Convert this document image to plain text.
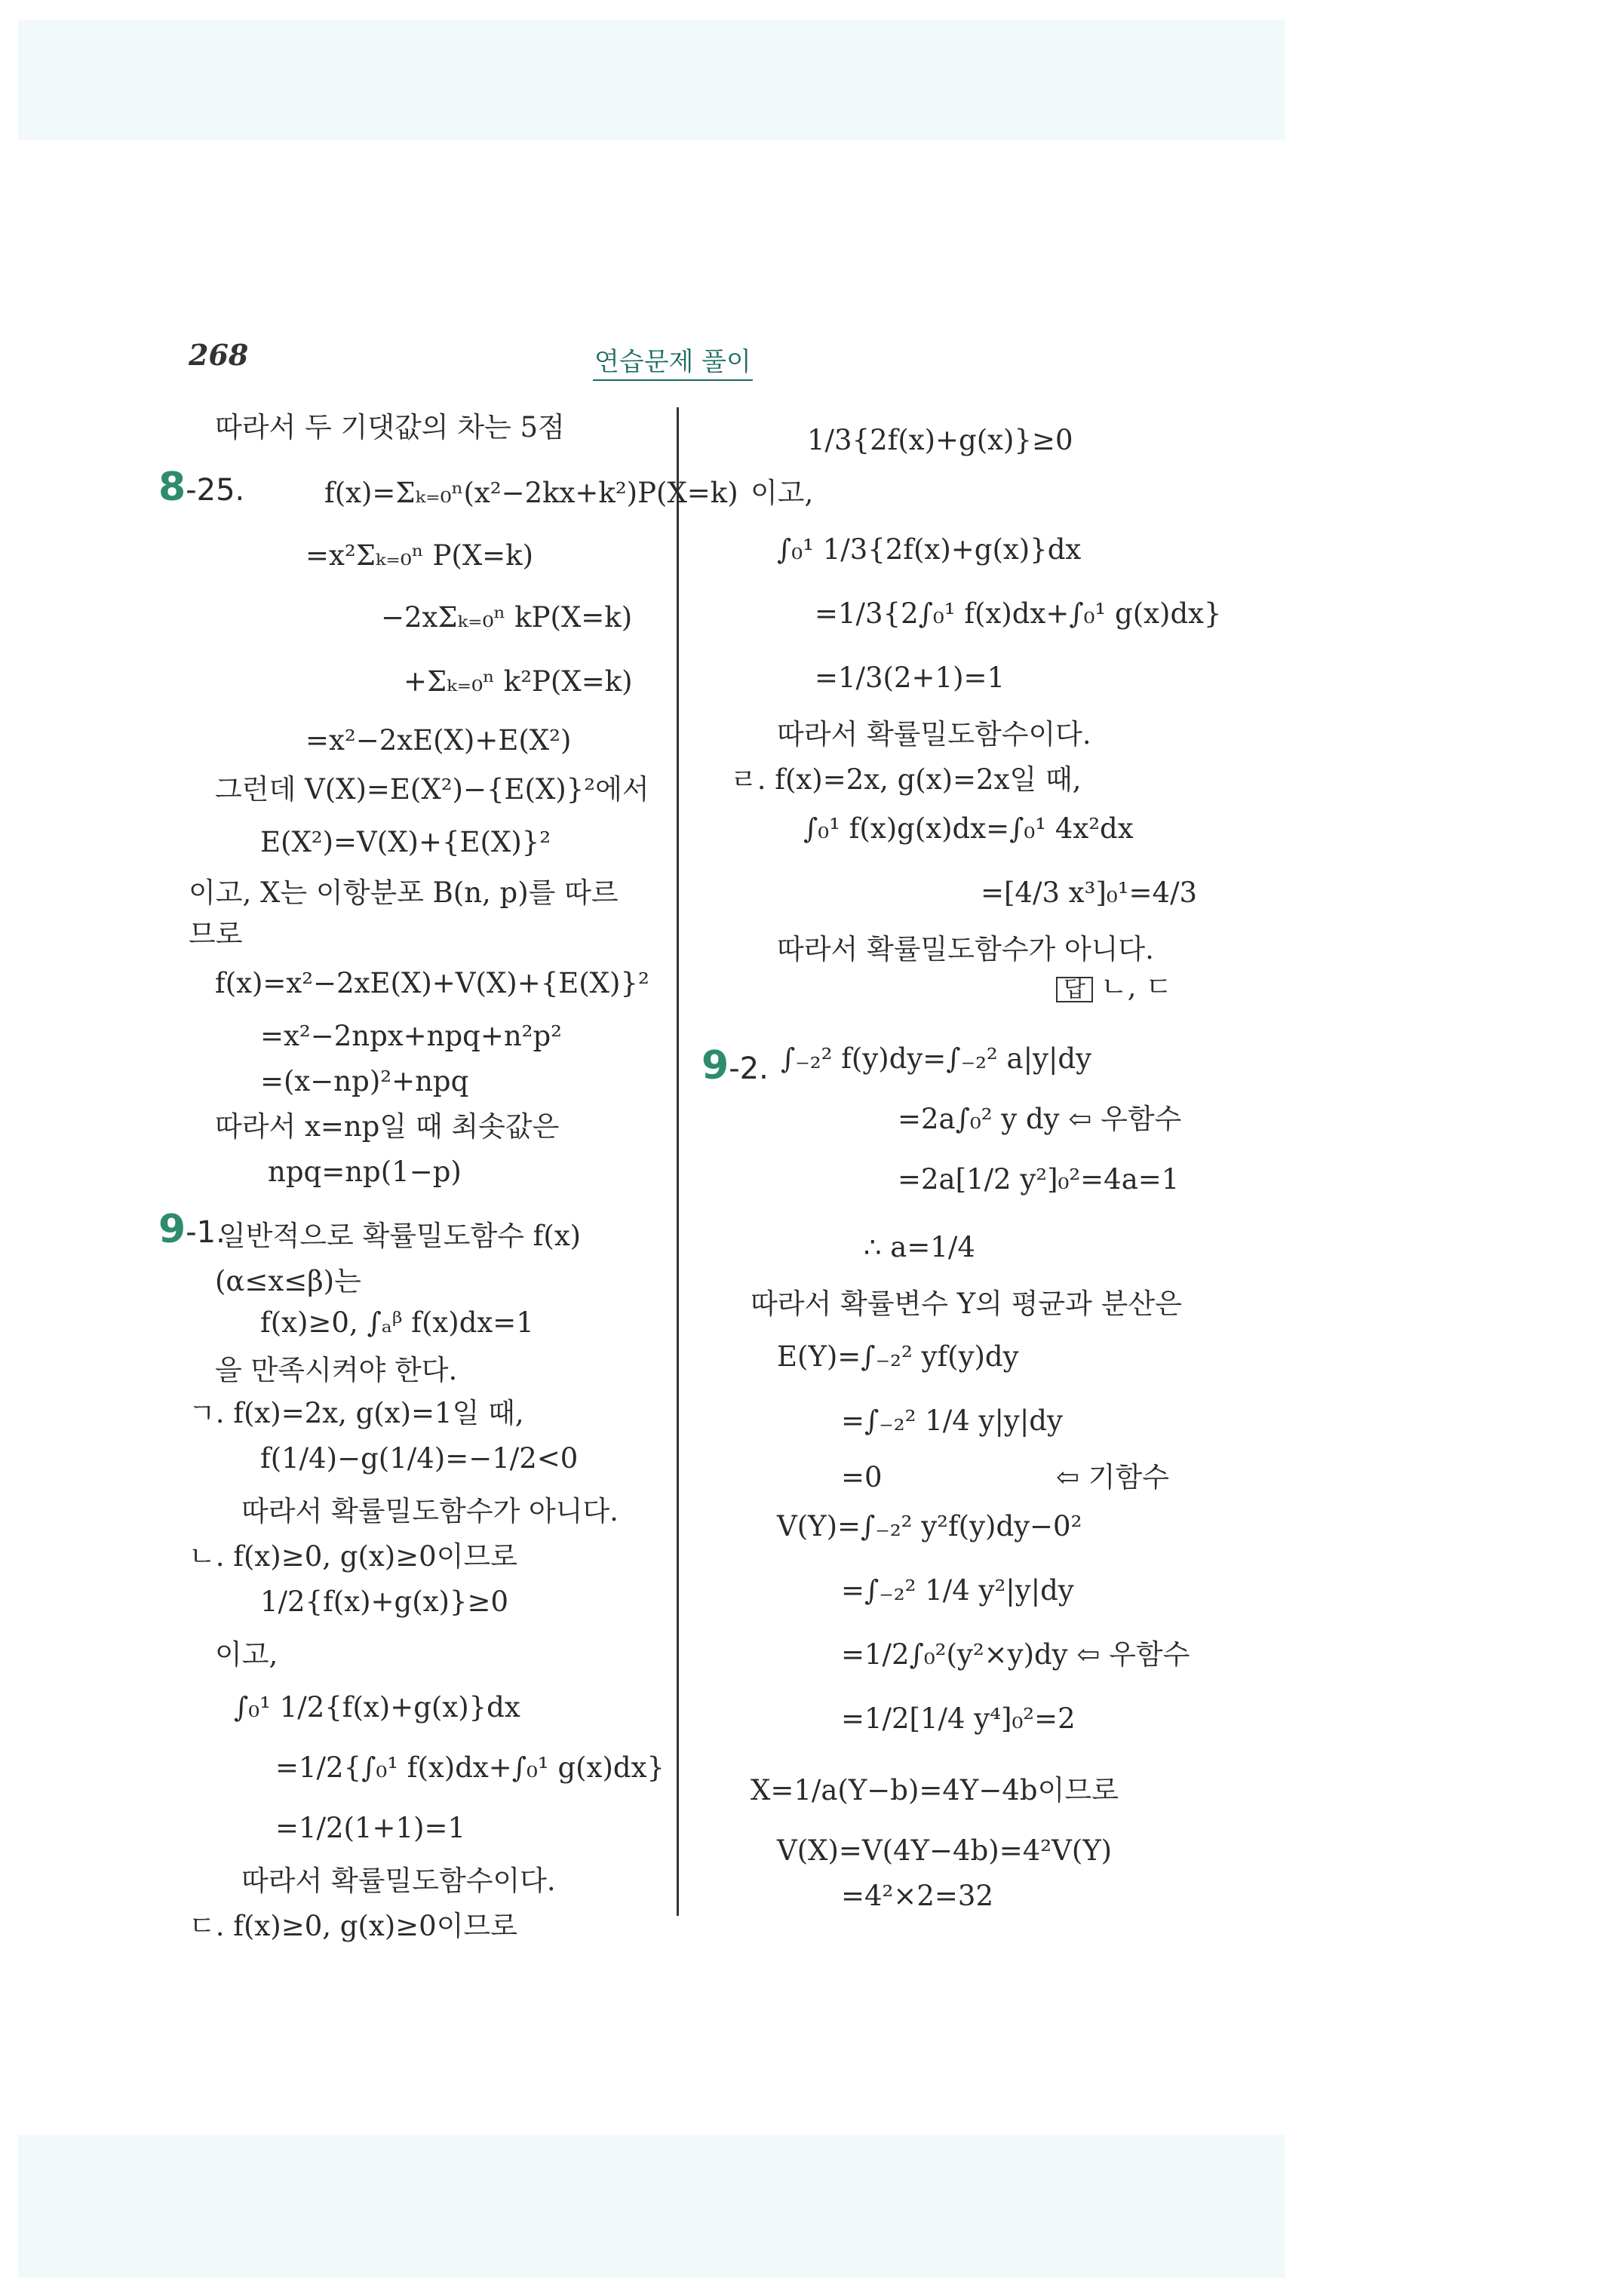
268	연습문제 풀이
따라서 두 기댓값의 차는 5점
f(x)=Σₖ₌₀ⁿ(x²−2kx+k²)P(X=k)
=x²Σₖ₌₀ⁿ P(X=k)
−2xΣₖ₌₀ⁿ kP(X=k)
+Σₖ₌₀ⁿ k²P(X=k)
=x²−2xE(X)+E(X²)
그런데 V(X)=E(X²)−{E(X)}²에서
E(X²)=V(X)+{E(X)}²
이고, X는 이항분포 B(n, p)를 따르
므로
f(x)=x²−2xE(X)+V(X)+{E(X)}²
=x²−2npx+npq+n²p²
=(x−np)²+npq
따라서 x=np일 때 최솟값은
npq=np(1−p)
일반적으로 확률밀도함수 f(x)
(α≤x≤β)는
f(x)≥0, ∫ₐᵝ f(x)dx=1
을 만족시켜야 한다.
ㄱ. f(x)=2x, g(x)=1일 때,
f(1/4)−g(1/4)=−1/2<0
따라서 확률밀도함수가 아니다.
ㄴ. f(x)≥0, g(x)≥0이므로
1/2{f(x)+g(x)}≥0
이고,
∫₀¹ 1/2{f(x)+g(x)}dx
=1/2{∫₀¹ f(x)dx+∫₀¹ g(x)dx}
=1/2(1+1)=1
따라서 확률밀도함수이다.
ㄷ. f(x)≥0, g(x)≥0이므로
1/3{2f(x)+g(x)}≥0
이고,
∫₀¹ 1/3{2f(x)+g(x)}dx
=1/3{2∫₀¹ f(x)dx+∫₀¹ g(x)dx}
=1/3(2+1)=1
따라서 확률밀도함수이다.
ㄹ. f(x)=2x, g(x)=2x일 때,
∫₀¹ f(x)g(x)dx=∫₀¹ 4x²dx
=[4/3 x³]₀¹=4/3
따라서 확률밀도함수가 아니다.
∫₋₂² f(y)dy=∫₋₂² a|y|dy
=2a∫₀² y dy ⇦ 우함수
=2a[1/2 y²]₀²=4a=1
∴ a=1/4
따라서 확률변수 Y의 평균과 분산은
E(Y)=∫₋₂² yf(y)dy
=∫₋₂² 1/4 y|y|dy
=0	⇦ 기함수
V(Y)=∫₋₂² y²f(y)dy−0²
=∫₋₂² 1/4 y²|y|dy
=1/2∫₀²(y²×y)dy ⇦ 우함수
=1/2[1/4 y⁴]₀²=2
X=1/a(Y−b)=4Y−4b이므로
V(X)=V(4Y−4b)=4²V(Y)
=4²×2=32
8-25.
9-1.
9-2.
답 ㄴ, ㄷ
